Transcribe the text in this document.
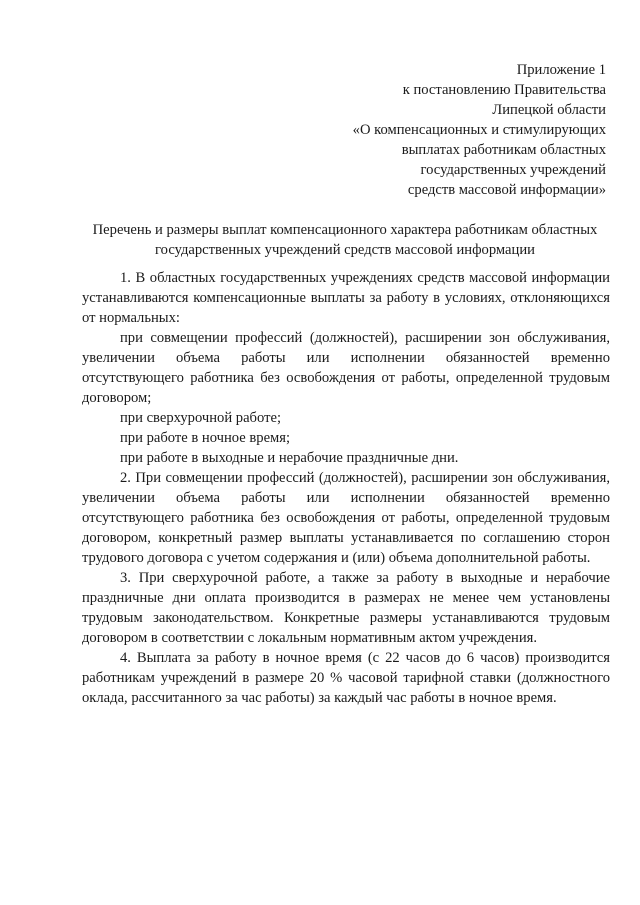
Приложение 1
к постановлению Правительства
Липецкой области
«О компенсационных и стимулирующих
выплатах работникам областных
государственных учреждений
средств массовой информации»
Перечень и размеры выплат компенсационного характера работникам областных государственных учреждений средств массовой информации

1. В областных государственных учреждениях средств массовой информации устанавливаются компенсационные выплаты за работу в условиях, отклоняющихся от нормальных:

при совмещении профессий (должностей), расширении зон обслуживания, увеличении объема работы или исполнении обязанностей временно отсутствующего работника без освобождения от работы, определенной трудовым договором;

при сверхурочной работе;

при работе в ночное время;

при работе в выходные и нерабочие праздничные дни.

2. При совмещении профессий (должностей), расширении зон обслуживания, увеличении объема работы или исполнении обязанностей временно отсутствующего работника без освобождения от работы, определенной трудовым договором, конкретный размер выплаты устанавливается по соглашению сторон трудового договора с учетом содержания и (или) объема дополнительной работы.

3. При сверхурочной работе, а также за работу в выходные и нерабочие праздничные дни оплата производится в размерах не менее чем установлены трудовым законодательством. Конкретные размеры устанавливаются трудовым договором в соответствии с локальным нормативным актом учреждения.

4. Выплата за работу в ночное время (с 22 часов до 6 часов) производится работникам учреждений в размере 20 % часовой тарифной ставки (должностного оклада, рассчитанного за час работы) за каждый час работы в ночное время.
